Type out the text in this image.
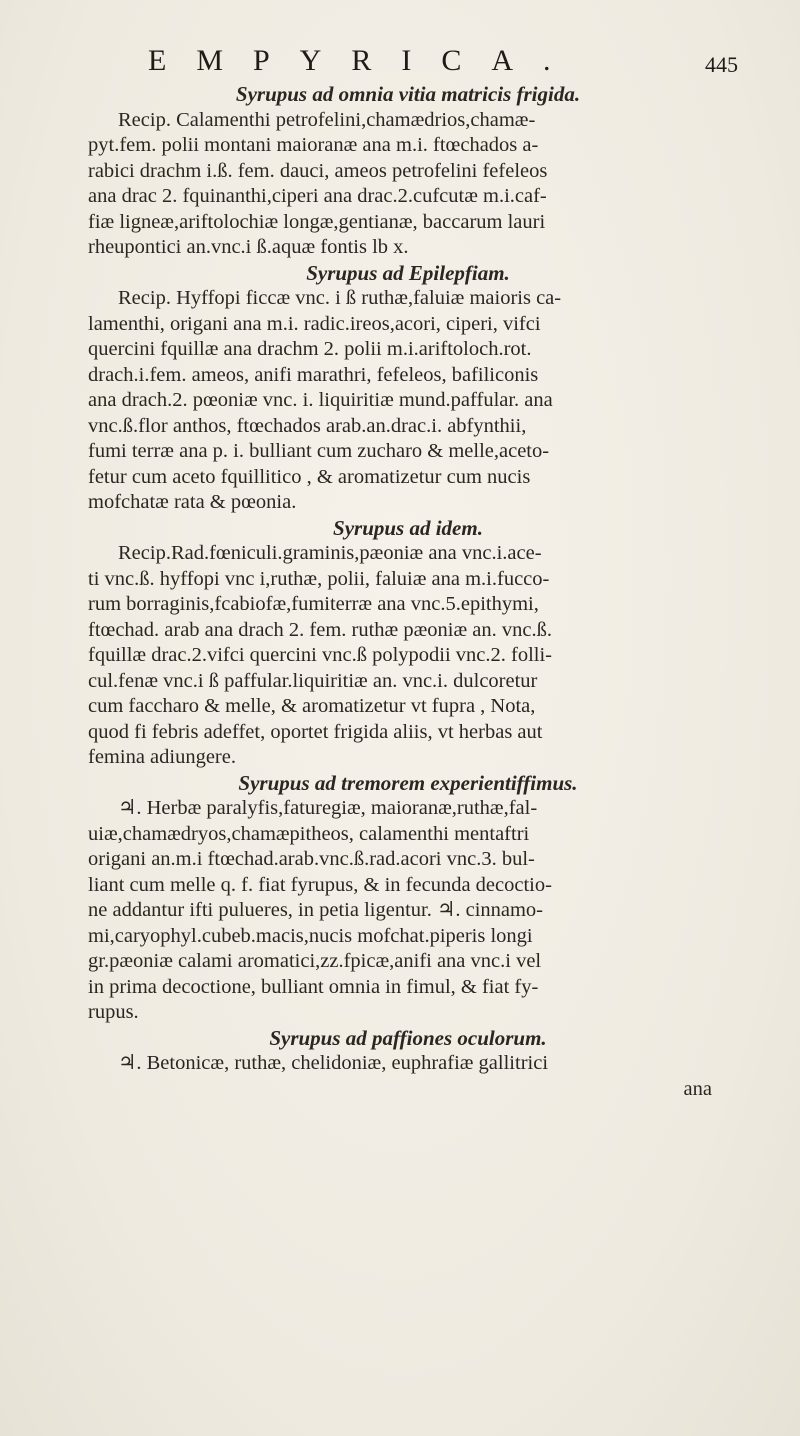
EMPYRICA.	445
Syrupus ad omnia vitia matricis frigida.
Recip. Calamenthi petrofelini,chamædrios,chamæ-
pyt.fem. polii montani maioranæ ana m.i. ftœchados a-
rabici drachm i.ß. fem. dauci, ameos petrofelini fefeleos
ana drac 2. fquinanthi,ciperi ana drac.2.cufcutæ m.i.caf-
fiæ ligneæ,ariftolochiæ longæ,gentianæ, baccarum lauri
rheupontici an.vnc.i ß.aquæ fontis lb x.
Syrupus ad Epilepfiam.
Recip. Hyffopi ficcæ vnc. i ß ruthæ,faluiæ maioris ca-
lamenthi, origani ana m.i. radic.ireos,acori, ciperi, vifci
quercini fquillæ ana drachm 2. polii m.i.ariftoloch.rot.
drach.i.fem. ameos, anifi marathri, fefeleos, bafiliconis
ana drach.2. pœoniæ vnc. i. liquiritiæ mund.paffular. ana
vnc.ß.flor anthos, ftœchados arab.an.drac.i. abfynthii,
fumi terræ ana p. i. bulliant cum zucharo & melle,aceto-
fetur cum aceto fquillitico , & aromatizetur cum nucis
mofchatæ rata & pœonia.
Syrupus ad idem.
Recip.Rad.fœniculi.graminis,pæoniæ ana vnc.i.ace-
ti vnc.ß. hyffopi vnc i,ruthæ, polii, faluiæ ana m.i.fucco-
rum borraginis,fcabiofæ,fumiterræ ana vnc.5.epithymi,
ftœchad. arab ana drach 2. fem. ruthæ pæoniæ an. vnc.ß.
fquillæ drac.2.vifci quercini vnc.ß polypodii vnc.2. folli-
cul.fenæ vnc.i ß paffular.liquiritiæ an. vnc.i. dulcoretur
cum faccharo & melle, & aromatizetur vt fupra , Nota,
quod fi febris adeffet, oportet frigida aliis, vt herbas aut
femina adiungere.
Syrupus ad tremorem experientiffimus.
♃. Herbæ paralyfis,faturegiæ, maioranæ,ruthæ,fal-
uiæ,chamædryos,chamæpitheos, calamenthi mentaftri
origani an.m.i ftœchad.arab.vnc.ß.rad.acori vnc.3. bul-
liant cum melle q. f. fiat fyrupus, & in fecunda decoctio-
ne addantur ifti pulueres, in petia ligentur. ♃. cinnamo-
mi,caryophyl.cubeb.macis,nucis mofchat.piperis longi
gr.pæoniæ calami aromatici,zz.fpicæ,anifi ana vnc.i vel
in prima decoctione, bulliant omnia in fimul, & fiat fy-
rupus.
Syrupus ad paffiones oculorum.
♃. Betonicæ, ruthæ, chelidoniæ, euphrafiæ gallitrici
ana
